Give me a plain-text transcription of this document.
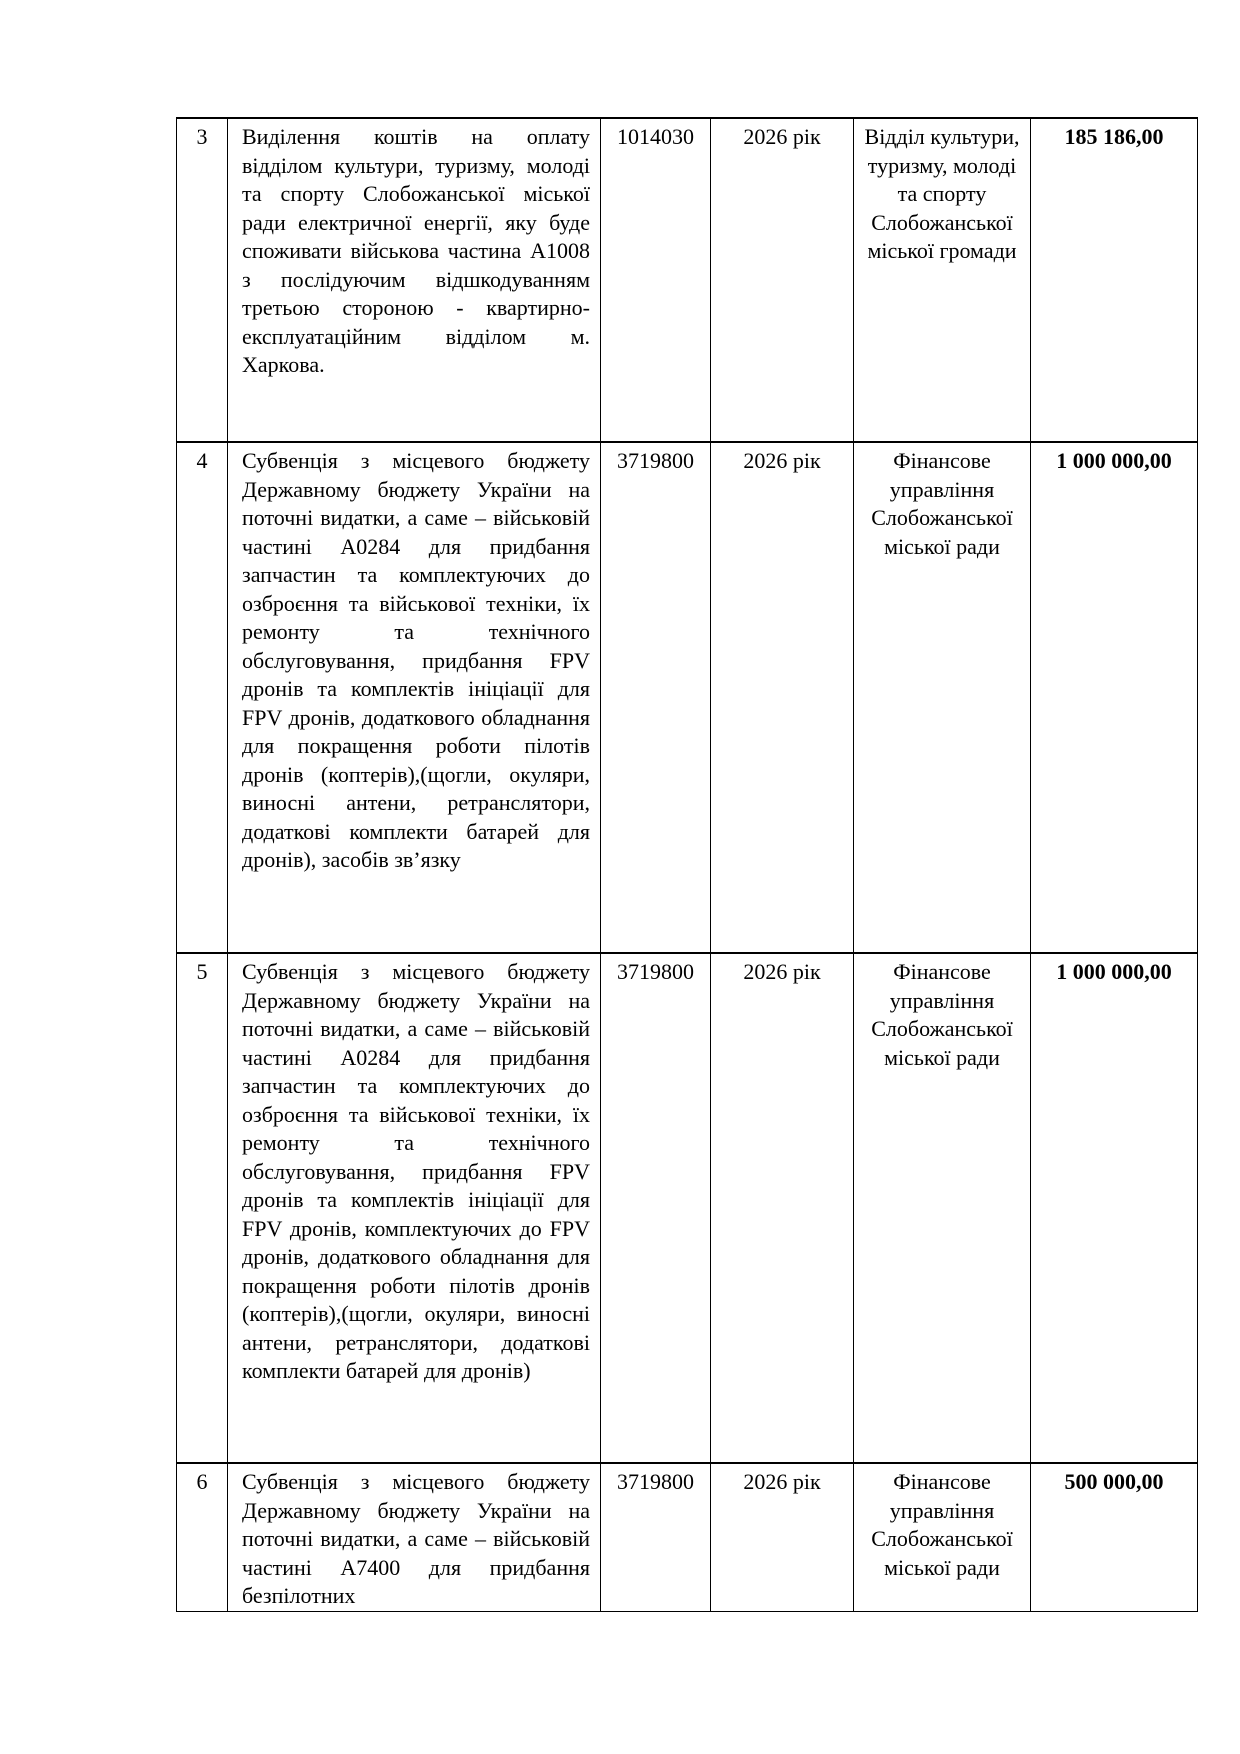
3	Виділення коштів на оплату відділом культури, туризму, молоді та спорту Слобожанської міської ради електричної енергії, яку буде споживати військова частина А1008 з послідуючим відшкодуванням третьою стороною - квартирно-експлуатаційним відділом м. Харкова.	1014030	2026 рік	Відділ культури, туризму, молоді та спорту Слобожанської міської громади	185 186,00
4	Субвенція з місцевого бюджету Державному бюджету України на поточні видатки, а саме – військовій частині А0284 для придбання запчастин та комплектуючих до озброєння та військової техніки, їх ремонту та технічного обслуговування, придбання FPV дронів та комплектів ініціації для FPV дронів, додаткового обладнання для покращення роботи пілотів дронів (коптерів),(щогли, окуляри, виносні антени, ретранслятори, додаткові комплекти батарей для дронів), засобів зв’язку	3719800	2026 рік	Фінансове управління Слобожанської міської ради	1 000 000,00
5	Субвенція з місцевого бюджету Державному бюджету України на поточні видатки, а саме – військовій частині А0284 для придбання запчастин та комплектуючих до озброєння та військової техніки, їх ремонту та технічного обслуговування, придбання FPV дронів та комплектів ініціації для FPV дронів, комплектуючих до FPV дронів, додаткового обладнання для покращення роботи пілотів дронів (коптерів),(щогли, окуляри, виносні антени, ретранслятори, додаткові комплекти батарей для дронів)	3719800	2026 рік	Фінансове управління Слобожанської міської ради	1 000 000,00
6	Субвенція з місцевого бюджету Державному бюджету України на поточні видатки, а саме – військовій частині А7400 для придбання безпілотних	3719800	2026 рік	Фінансове управління Слобожанської міської ради	500 000,00
